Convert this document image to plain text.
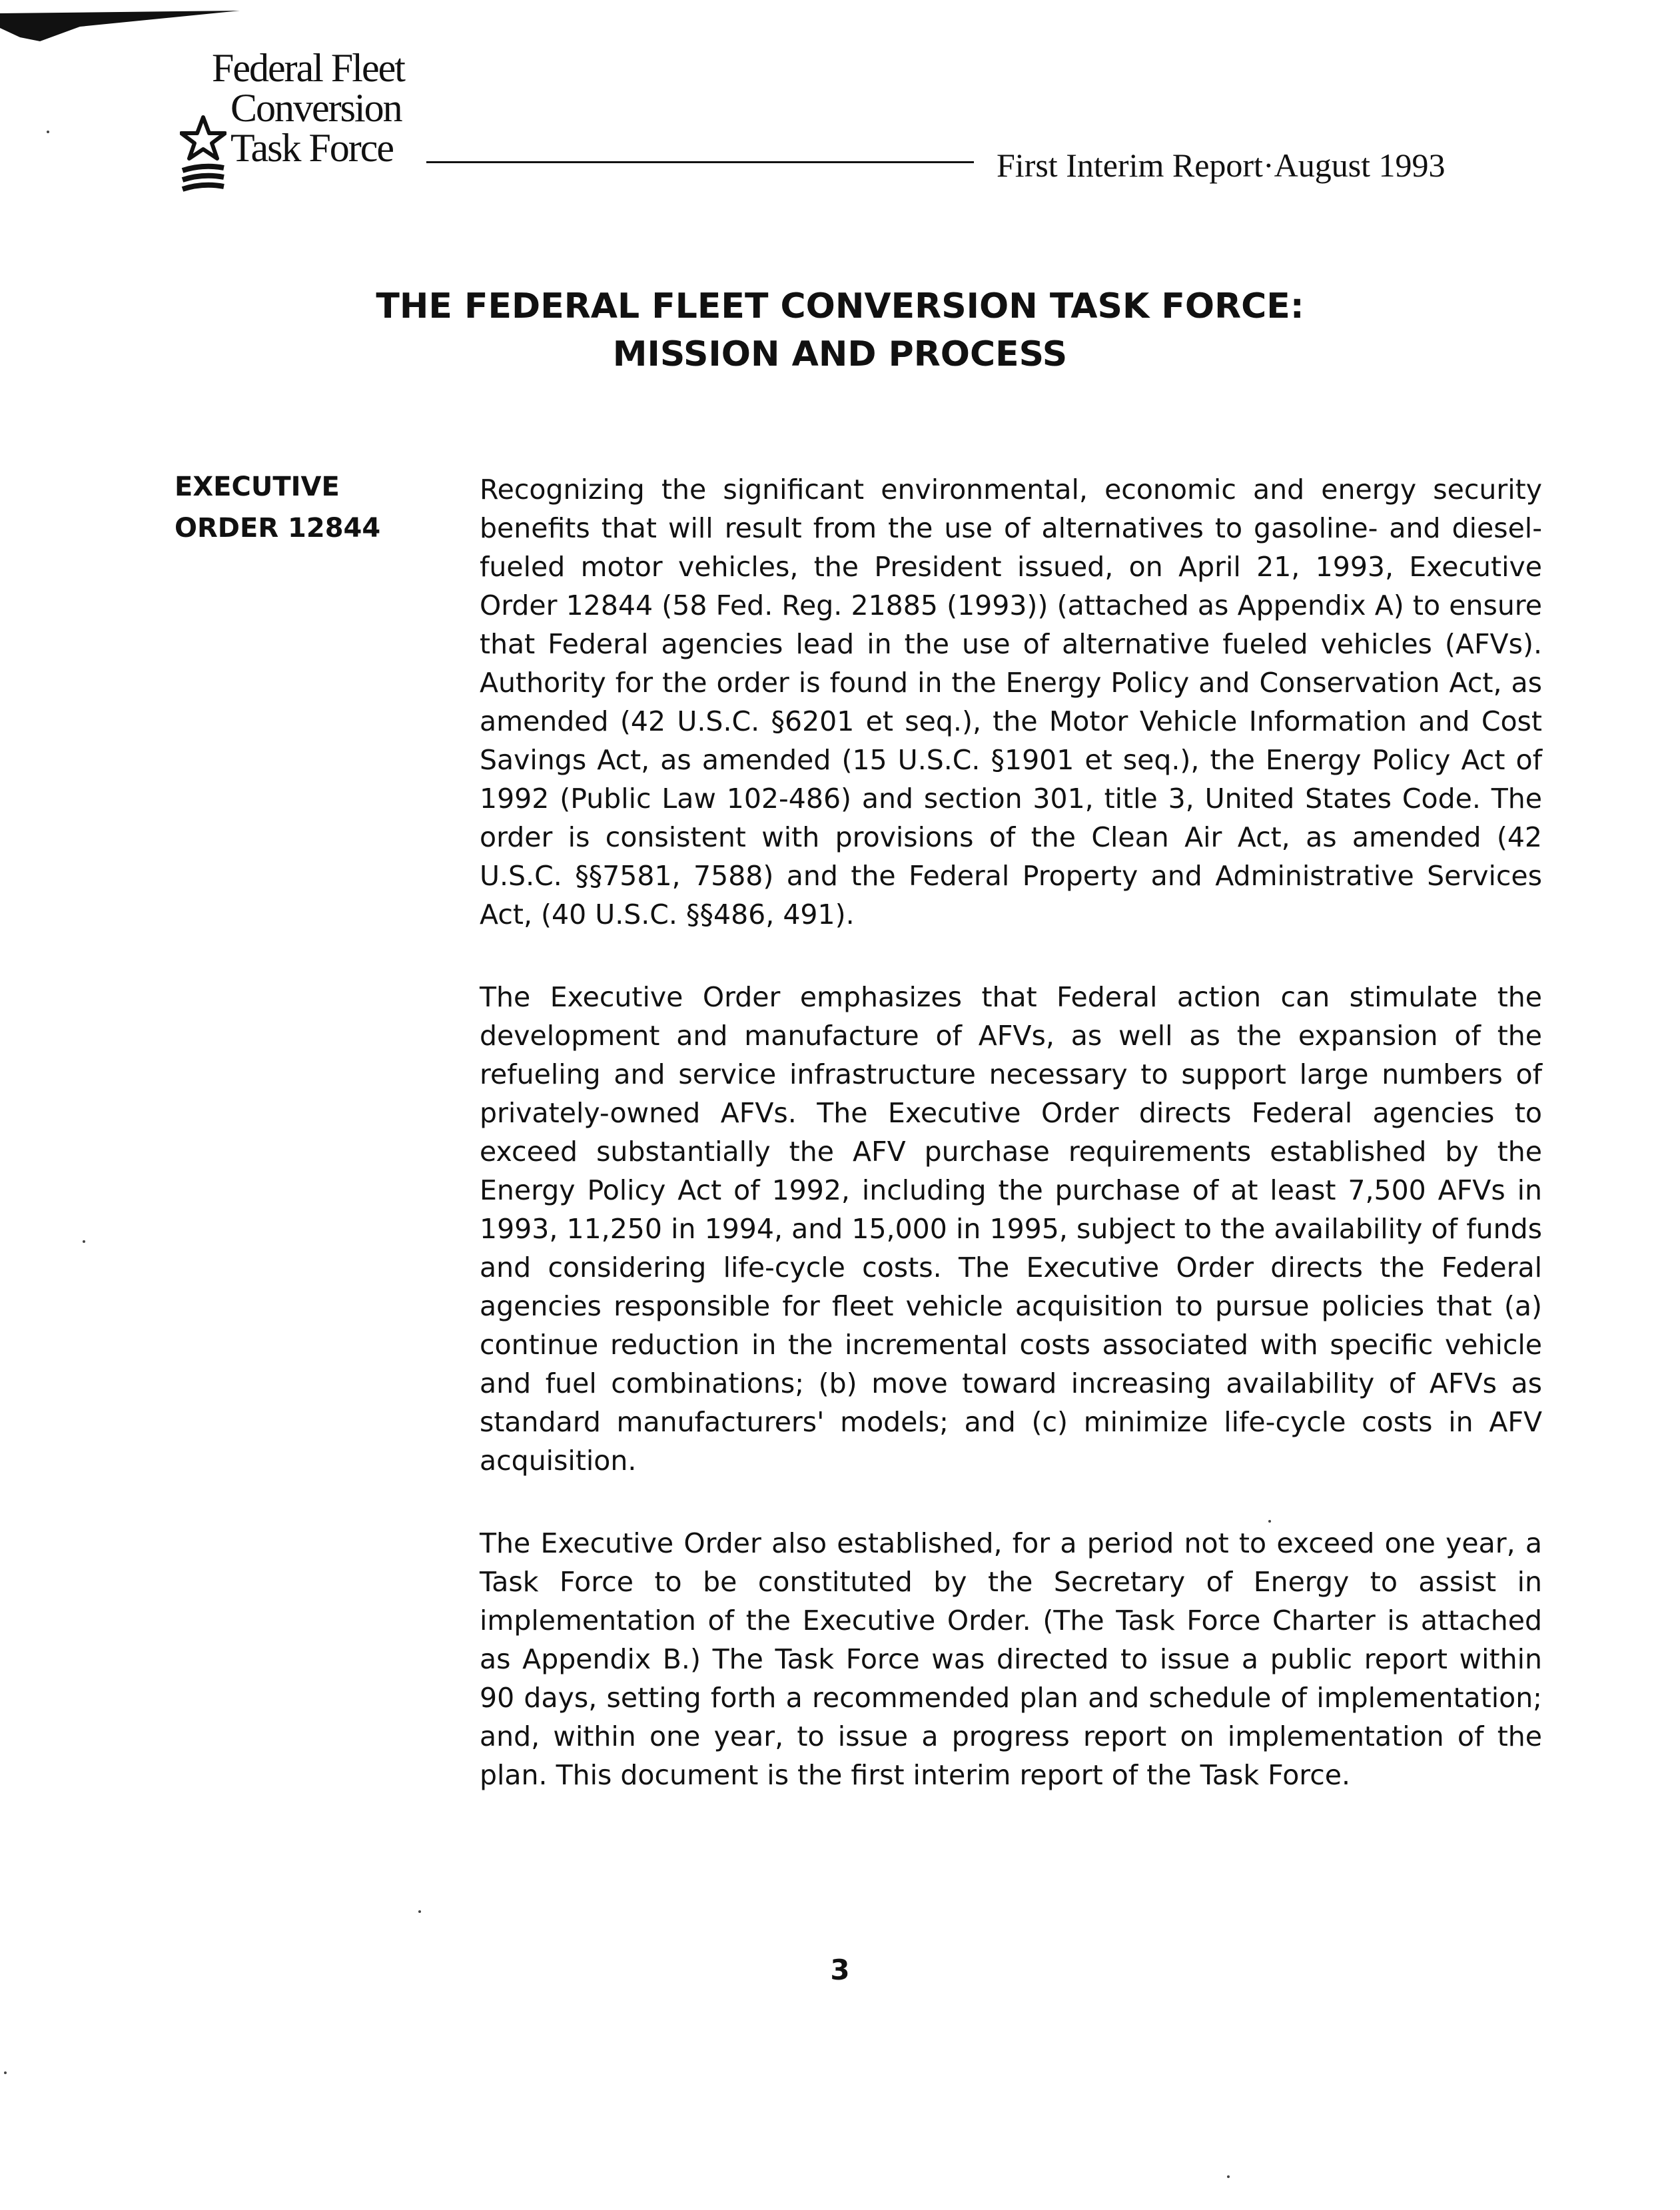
Federal Fleet
Conversion
Task Force	First Interim Report·August 1993
THE FEDERAL FLEET CONVERSION TASK FORCE:
MISSION AND PROCESS
EXECUTIVE
ORDER 12844

Recognizing the significant environmental, economic and energy security benefits that will result from the use of alternatives to gasoline- and diesel-fueled motor vehicles, the President issued, on April 21, 1993, Executive Order 12844 (58 Fed. Reg. 21885 (1993)) (attached as Appendix A) to ensure that Federal agencies lead in the use of alternative fueled vehicles (AFVs). Authority for the order is found in the Energy Policy and Conservation Act, as amended (42 U.S.C. §6201 et seq.), the Motor Vehicle Information and Cost Savings Act, as amended (15 U.S.C. §1901 et seq.), the Energy Policy Act of 1992 (Public Law 102-486) and section 301, title 3, United States Code. The order is consistent with provisions of the Clean Air Act, as amended (42 U.S.C. §§7581, 7588) and the Federal Property and Administrative Services Act, (40 U.S.C. §§486, 491).

The Executive Order emphasizes that Federal action can stimulate the development and manufacture of AFVs, as well as the expansion of the refueling and service infrastructure necessary to support large numbers of privately-owned AFVs. The Executive Order directs Federal agencies to exceed substantially the AFV purchase requirements established by the Energy Policy Act of 1992, including the purchase of at least 7,500 AFVs in 1993, 11,250 in 1994, and 15,000 in 1995, subject to the availability of funds and considering life-cycle costs. The Executive Order directs the Federal agencies responsible for fleet vehicle acquisition to pursue policies that (a) continue reduction in the incremental costs associated with specific vehicle and fuel combinations; (b) move toward increasing availability of AFVs as standard manufacturers' models; and (c) minimize life-cycle costs in AFV acquisition.

The Executive Order also established, for a period not to exceed one year, a Task Force to be constituted by the Secretary of Energy to assist in implementation of the Executive Order. (The Task Force Charter is attached as Appendix B.) The Task Force was directed to issue a public report within 90 days, setting forth a recommended plan and schedule of implementation; and, within one year, to issue a progress report on implementation of the plan. This document is the first interim report of the Task Force.

3
